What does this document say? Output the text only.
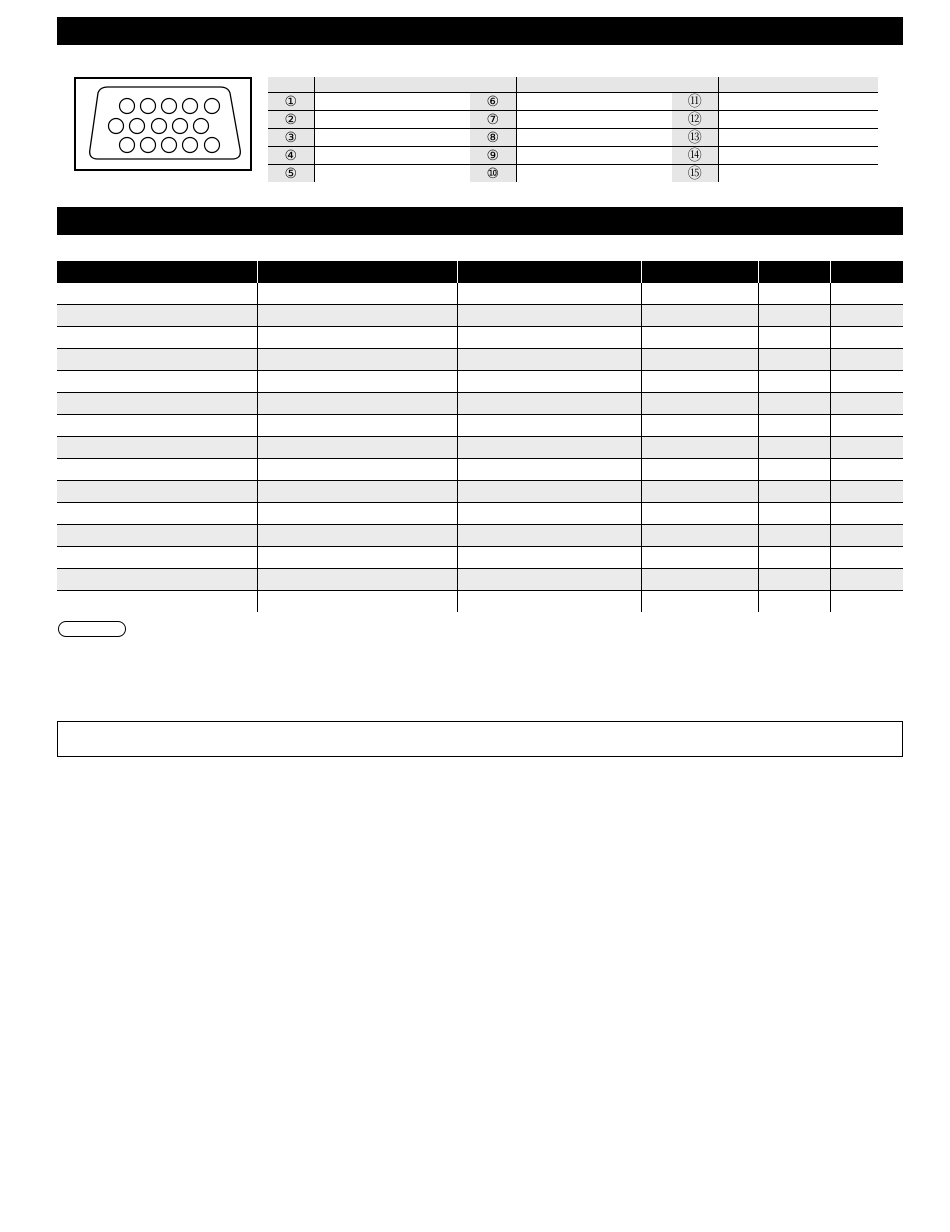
①		⑥		⑪	
②		⑦		⑫	
③		⑧		⑬	
④		⑨		⑭	
⑤		⑩		⑮	
